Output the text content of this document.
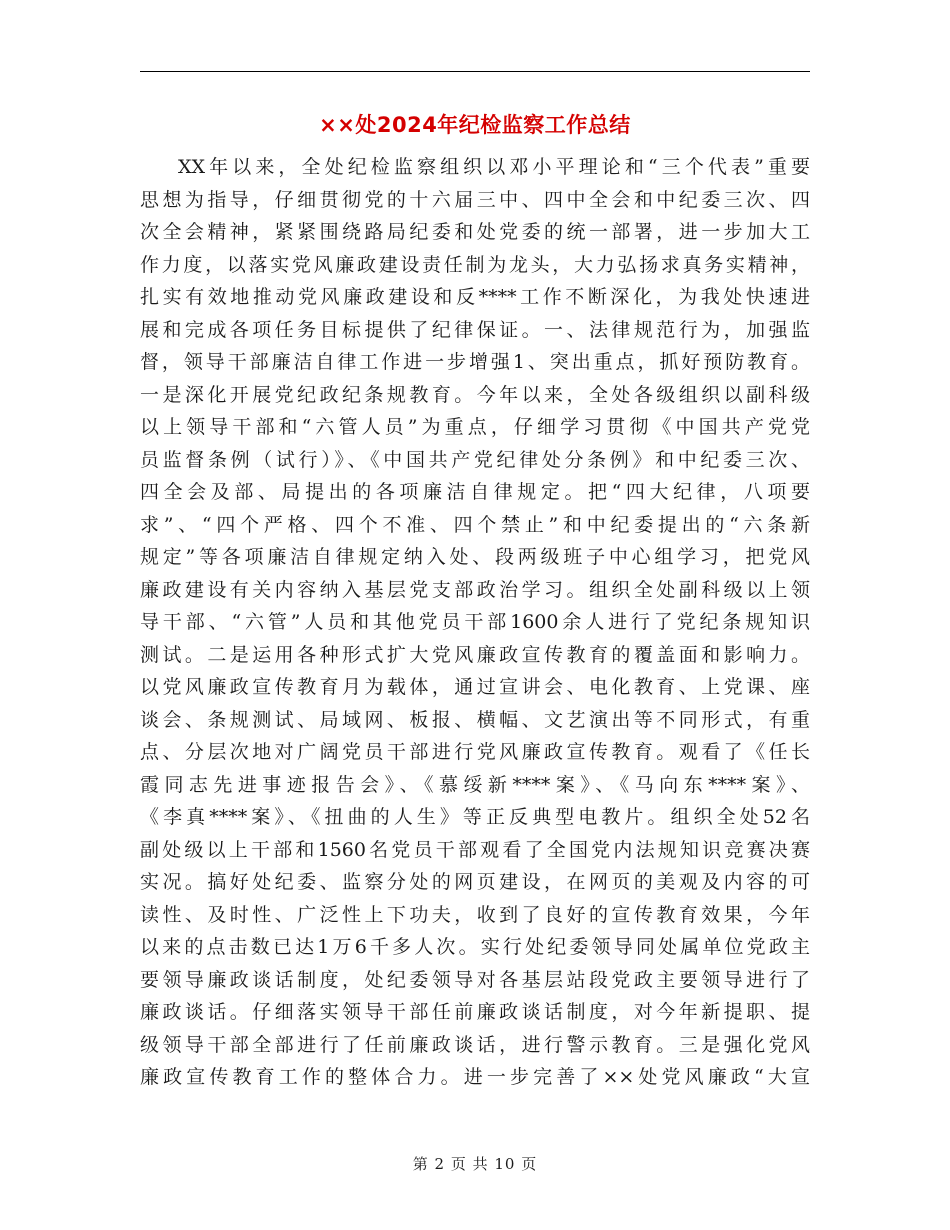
××处2024年纪检监察工作总结
XX年以来，全处纪检监察组织以邓小平理论和“三个代表”重要
思想为指导，仔细贯彻党的十六届三中、四中全会和中纪委三次、四
次全会精神，紧紧围绕路局纪委和处党委的统一部署，进一步加大工
作力度，以落实党风廉政建设责任制为龙头，大力弘扬求真务实精神，
扎实有效地推动党风廉政建设和反****工作不断深化，为我处快速进
展和完成各项任务目标提供了纪律保证。一、法律规范行为，加强监
督，领导干部廉洁自律工作进一步增强1、突出重点，抓好预防教育。
一是深化开展党纪政纪条规教育。今年以来，全处各级组织以副科级
以上领导干部和“六管人员”为重点，仔细学习贯彻《中国共产党党
员监督条例（试行）》、《中国共产党纪律处分条例》和中纪委三次、
四全会及部、局提出的各项廉洁自律规定。把“四大纪律，八项要
求”、“四个严格、四个不准、四个禁止”和中纪委提出的“六条新
规定”等各项廉洁自律规定纳入处、段两级班子中心组学习，把党风
廉政建设有关内容纳入基层党支部政治学习。组织全处副科级以上领
导干部、“六管”人员和其他党员干部1600余人进行了党纪条规知识
测试。二是运用各种形式扩大党风廉政宣传教育的覆盖面和影响力。
以党风廉政宣传教育月为载体，通过宣讲会、电化教育、上党课、座
谈会、条规测试、局域网、板报、横幅、文艺演出等不同形式，有重
点、分层次地对广阔党员干部进行党风廉政宣传教育。观看了《任长
霞同志先进事迹报告会》、《慕绥新****案》、《马向东****案》、
《李真****案》、《扭曲的人生》等正反典型电教片。组织全处52名
副处级以上干部和1560名党员干部观看了全国党内法规知识竞赛决赛
实况。搞好处纪委、监察分处的网页建设，在网页的美观及内容的可
读性、及时性、广泛性上下功夫，收到了良好的宣传教育效果，今年
以来的点击数已达1万6千多人次。实行处纪委领导同处属单位党政主
要领导廉政谈话制度，处纪委领导对各基层站段党政主要领导进行了
廉政谈话。仔细落实领导干部任前廉政谈话制度，对今年新提职、提
级领导干部全部进行了任前廉政谈话，进行警示教育。三是强化党风
廉政宣传教育工作的整体合力。进一步完善了××处党风廉政“大宣
第 2 页 共 10 页
